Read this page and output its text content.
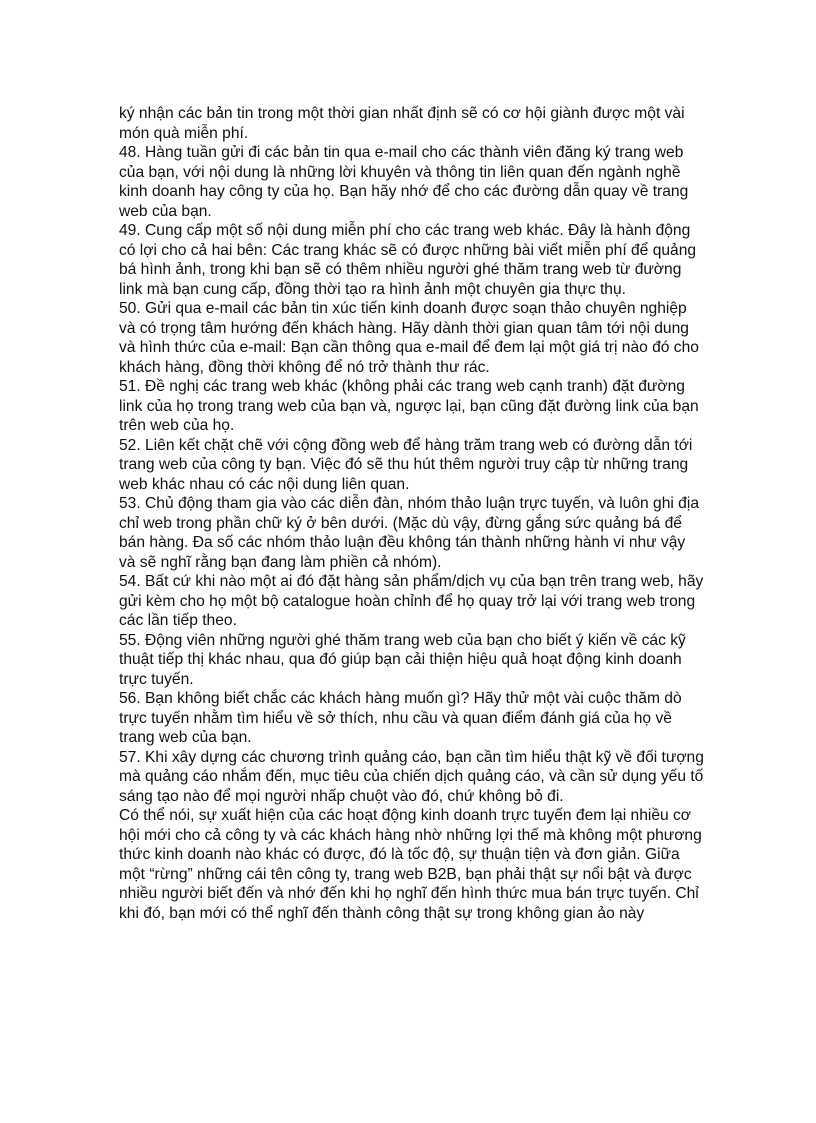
ký nhận các bản tin trong một thời gian nhất định sẽ có cơ hội giành được một vài món quà miễn phí.

48. Hàng tuần gửi đi các bản tin qua e-mail cho các thành viên đăng ký trang web của bạn, với nội dung là những lời khuyên và thông tin liên quan đến ngành nghề kinh doanh hay công ty của họ. Bạn hãy nhớ để cho các đường dẫn quay về trang web của bạn.

49. Cung cấp một số nội dung miễn phí cho các trang web khác. Đây là hành động có lợi cho cả hai bên: Các trang khác sẽ có được những bài viết miễn phí để quảng bá hình ảnh, trong khi bạn sẽ có thêm nhiều người ghé thăm trang web từ đường link mà bạn cung cấp, đồng thời tạo ra hình ảnh một chuyên gia thực thụ.

50. Gửi qua e-mail các bản tin xúc tiến kinh doanh được soạn thảo chuyên nghiệp và có trọng tâm hướng đến khách hàng. Hãy dành thời gian quan tâm tới nội dung và hình thức của e-mail: Bạn cần thông qua e-mail để đem lại một giá trị nào đó cho khách hàng, đồng thời không để nó trở thành thư rác.

51. Đề nghị các trang web khác (không phải các trang web cạnh tranh) đặt đường link của họ trong trang web của bạn và, ngược lại, bạn cũng đặt đường link của bạn trên web của họ.

52. Liên kết chặt chẽ với cộng đồng web để hàng trăm trang web có đường dẫn tới trang web của công ty bạn. Việc đó sẽ thu hút thêm người truy cập từ những trang web khác nhau có các nội dung liên quan.

53. Chủ động tham gia vào các diễn đàn, nhóm thảo luận trực tuyến, và luôn ghi địa chỉ web trong phần chữ ký ở bên dưới. (Mặc dù vậy, đừng gắng sức quảng bá để bán hàng. Đa số các nhóm thảo luận đều không tán thành những hành vi như vậy và sẽ nghĩ rằng bạn đang làm phiền cả nhóm).

54. Bất cứ khi nào một ai đó đặt hàng sản phẩm/dịch vụ của bạn trên trang web, hãy gửi kèm cho họ một bộ catalogue hoàn chỉnh để họ quay trở lại với trang web trong các lần tiếp theo.

55. Động viên những người ghé thăm trang web của bạn cho biết ý kiến về các kỹ thuật tiếp thị khác nhau, qua đó giúp bạn cải thiện hiệu quả hoạt động kinh doanh trực tuyến.

56. Bạn không biết chắc các khách hàng muốn gì? Hãy thử một vài cuộc thăm dò trực tuyến nhằm tìm hiểu về sở thích, nhu cầu và quan điểm đánh giá của họ về trang web của bạn.

57. Khi xây dựng các chương trình quảng cáo, bạn cần tìm hiểu thật kỹ về đối tượng mà quảng cáo nhắm đến, mục tiêu của chiến dịch quảng cáo, và cần sử dụng yếu tố sáng tạo nào để mọi người nhấp chuột vào đó, chứ không bỏ đi.

Có thể nói, sự xuất hiện của các hoạt động kinh doanh trực tuyến đem lại nhiều cơ hội mới cho cả công ty và các khách hàng nhờ những lợi thế mà không một phương thức kinh doanh nào khác có được, đó là tốc độ, sự thuận tiện và đơn giản. Giữa một “rừng” những cái tên công ty, trang web B2B, bạn phải thật sự nổi bật và được nhiều người biết đến và nhớ đến khi họ nghĩ đến hình thức mua bán trực tuyến. Chỉ khi đó, bạn mới có thể nghĩ đến thành công thật sự trong không gian ảo này
